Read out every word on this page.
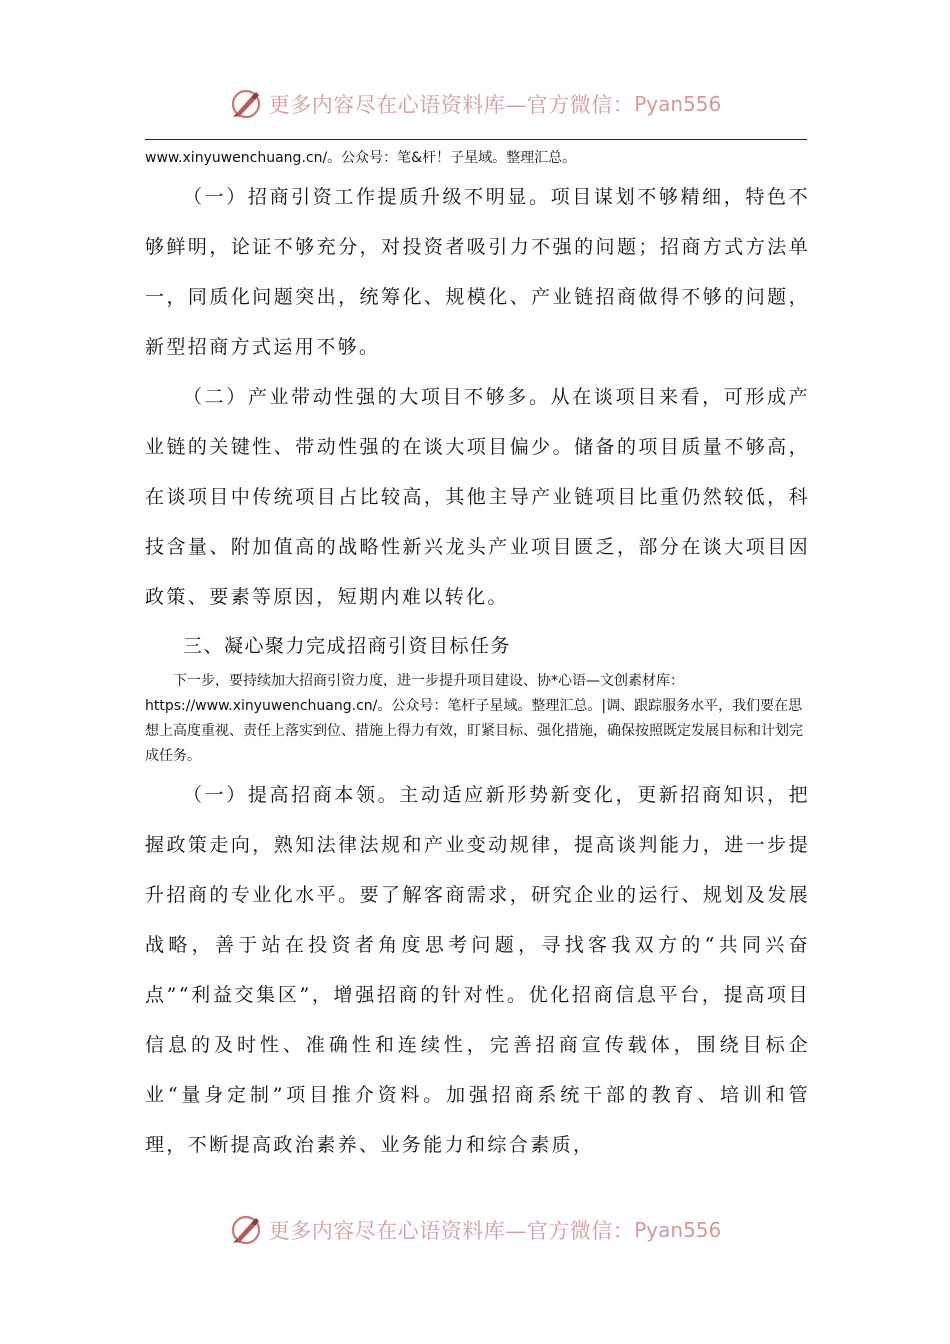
更多内容尽在心语资料库—官方微信： Pyan556

www.xinyuwenchuang.cn/。公众号：笔&杆！子星域。整理汇总。

（一）招商引资工作提质升级不明显。项目谋划不够精细，特色不够鲜明，论证不够充分，对投资者吸引力不强的问题；招商方式方法单一，同质化问题突出，统筹化、规模化、产业链招商做得不够的问题，新型招商方式运用不够。

（二）产业带动性强的大项目不够多。从在谈项目来看，可形成产业链的关键性、带动性强的在谈大项目偏少。储备的项目质量不够高，在谈项目中传统项目占比较高，其他主导产业链项目比重仍然较低，科技含量、附加值高的战略性新兴龙头产业项目匮乏，部分在谈大项目因政策、要素等原因，短期内难以转化。

三、凝心聚力完成招商引资目标任务

下一步，要持续加大招商引资力度，进一步提升项目建设、协*心语—文创素材库：
https://www.xinyuwenchuang.cn/。公众号：笔杆子星域。整理汇总。|调、跟踪服务水平，我们要在思想上高度重视、责任上落实到位、措施上得力有效，盯紧目标、强化措施，确保按照既定发展目标和计划完成任务。

（一）提高招商本领。主动适应新形势新变化，更新招商知识，把握政策走向，熟知法律法规和产业变动规律，提高谈判能力，进一步提升招商的专业化水平。要了解客商需求，研究企业的运行、规划及发展战略，善于站在投资者角度思考问题，寻找客我双方的“共同兴奋点”“利益交集区”，增强招商的针对性。优化招商信息平台，提高项目信息的及时性、准确性和连续性，完善招商宣传载体，围绕目标企业“量身定制”项目推介资料。加强招商系统干部的教育、培训和管理，不断提高政治素养、业务能力和综合素质，

更多内容尽在心语资料库—官方微信： Pyan556
